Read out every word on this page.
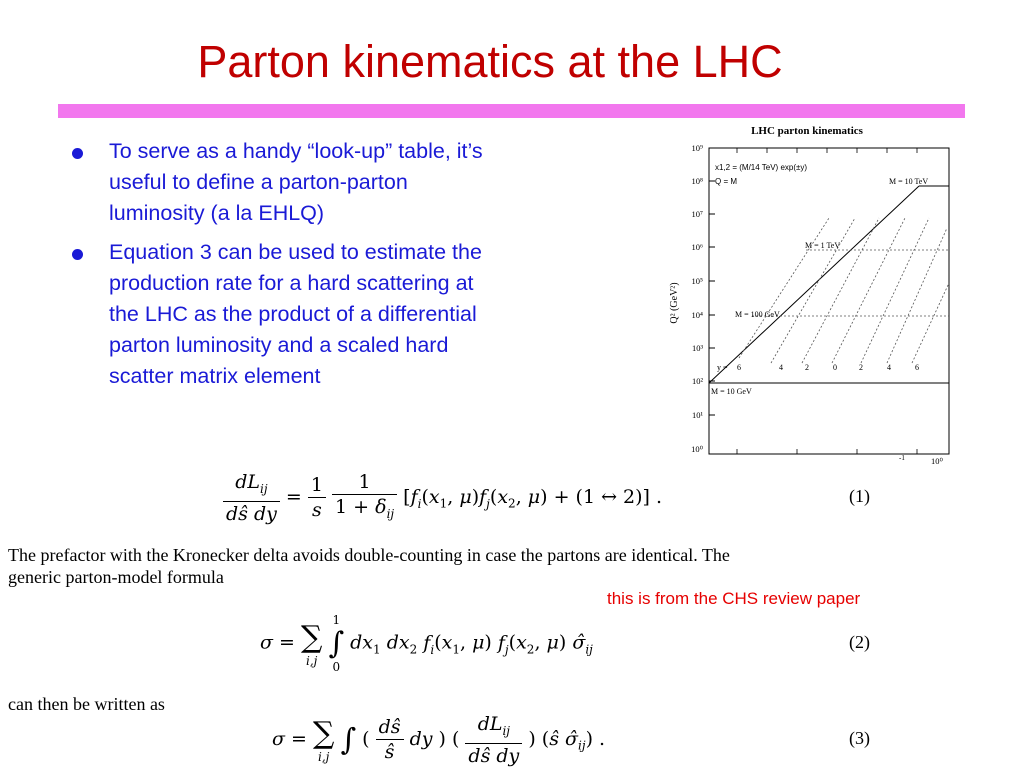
Parton kinematics at the LHC
To serve as a handy “look-up” table, it’s useful to define a parton-parton luminosity (a la EHLQ)
Equation 3 can be used to estimate the production rate for a hard scattering at the LHC as the product of a differential parton luminosity and a scaled hard scatter matrix element
LHC parton kinematics
10⁹
10⁸
10⁷
10⁶
10⁵
10⁴
10³
10²
10¹
10⁰
Q² (GeV²)
x1,2 = (M/14 TeV) exp(±y)
Q = M	M = 10 TeV
M = 1 TeV
M = 100 GeV
M = 10 GeV
y = 6	4	2	0	2	4	6
-1	10⁰
$\frac{dL_{ij}}{\text{dŝ dy}} = \frac{1}{s}$
$\frac{1}{1 + \delta_{ij}} [f_i(x_1$, $\mu)f_j(x_2$, μ) + (1 ↔ 2)] .	(1)
The prefactor with the Kronecker delta avoids double-counting in case the partons are identical. The
generic parton-model formula
this is from the CHS review paper
σ = ∑
i,j

1
∫
0
$dx_1$ $dx_2$ $f_i(x_1$, μ) $f_j(x_2$, μ) $\sigmâ_{ij}$	(2)
can then be written as
σ = ∑
i,j ∫ ( $\frac{dŝ}{ŝ}$ dy ) ( $\frac{dL_{ij}}{\text{dŝ dy}}$ ) (ŝ $\sigmâ_{ij}$) .	(3)
